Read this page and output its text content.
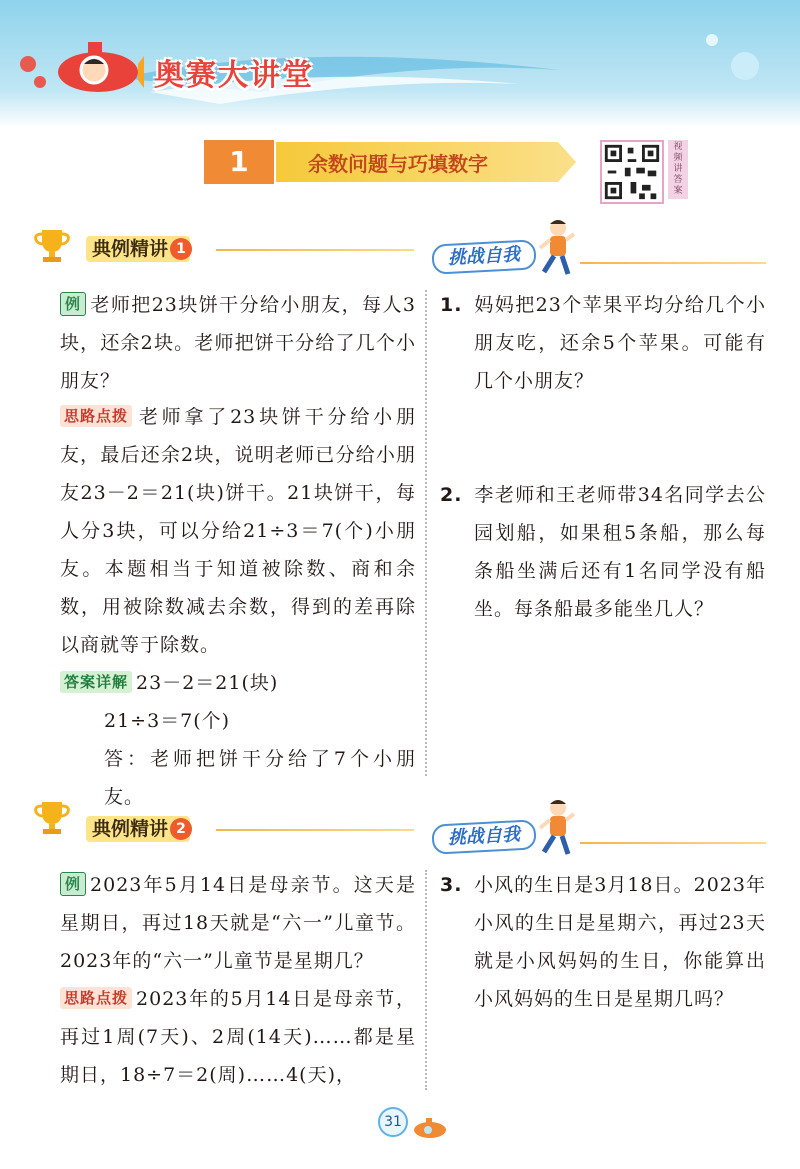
奥赛大讲堂
1	余数问题与巧填数字
视频讲答案
典例精讲 1	挑战自我
例 老师把23块饼干分给小朋友，每人3块，还余2块。老师把饼干分给了几个小朋友？
思路点拨 老师拿了23块饼干分给小朋友，最后还余2块，说明老师已分给小朋友23－2＝21(块)饼干。21块饼干，每人分3块，可以分给21÷3＝7(个)小朋友。本题相当于知道被除数、商和余数，用被除数减去余数，得到的差再除以商就等于除数。
答案详解 23－2＝21(块)
21÷3＝7(个)
答：老师把饼干分给了7个小朋友。
1. 妈妈把23个苹果平均分给几个小朋友吃，还余5个苹果。可能有几个小朋友？
2. 李老师和王老师带34名同学去公园划船，如果租5条船，那么每条船坐满后还有1名同学没有船坐。每条船最多能坐几人？
典例精讲 2	挑战自我
例 2023年5月14日是母亲节。这天是星期日，再过18天就是“六一”儿童节。2023年的“六一”儿童节是星期几？
思路点拨 2023年的5月14日是母亲节，再过1周(7天)、2周(14天)……都是星期日，18÷7＝2(周)……4(天)，
3. 小风的生日是3月18日。2023年小风的生日是星期六，再过23天就是小风妈妈的生日，你能算出小风妈妈的生日是星期几吗？
31
